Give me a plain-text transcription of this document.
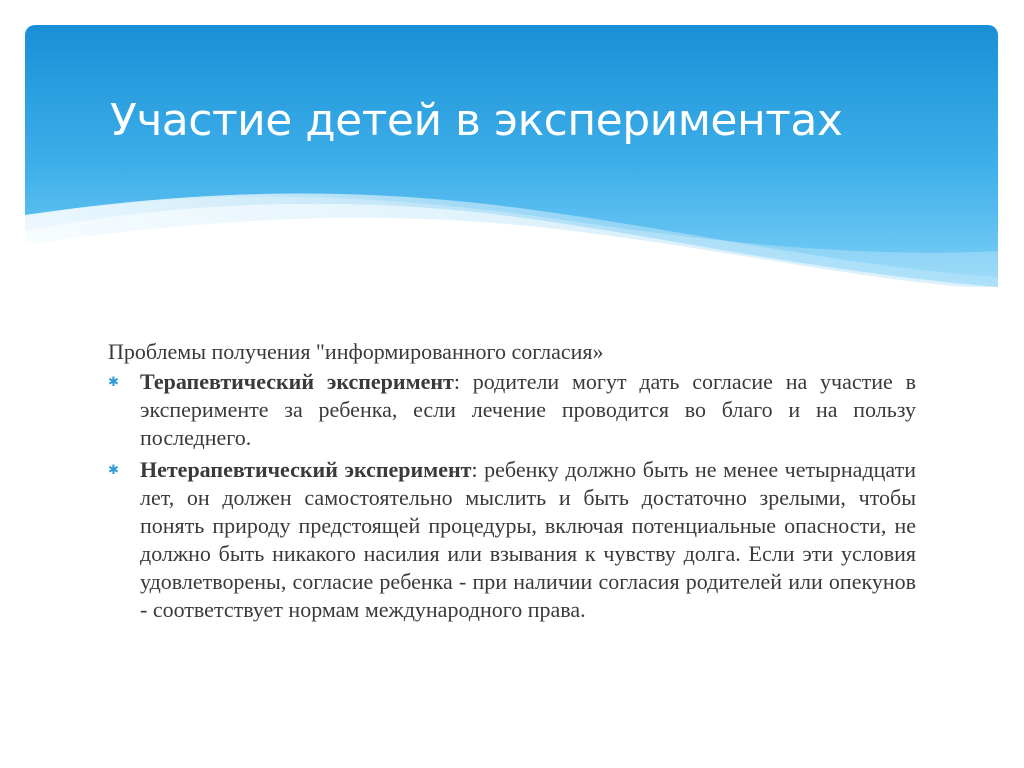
Участие детей в экспериментах

Проблемы получения "информированного согласия»

✱ Терапевтический эксперимент: родители могут дать согласие на участие в эксперименте за ребенка, если лечение проводится во благо и на пользу последнего.
✱ Нетерапевтический эксперимент: ребенку должно быть не менее четырнадцати лет, он должен самостоятельно мыслить и быть достаточно зрелыми, чтобы понять природу предстоящей процедуры, включая потенциальные опасности, не должно быть никакого насилия или взывания к чувству долга. Если эти условия удовлетворены, согласие ребенка - при наличии согласия родителей или опекунов - соответствует нормам международного права.
